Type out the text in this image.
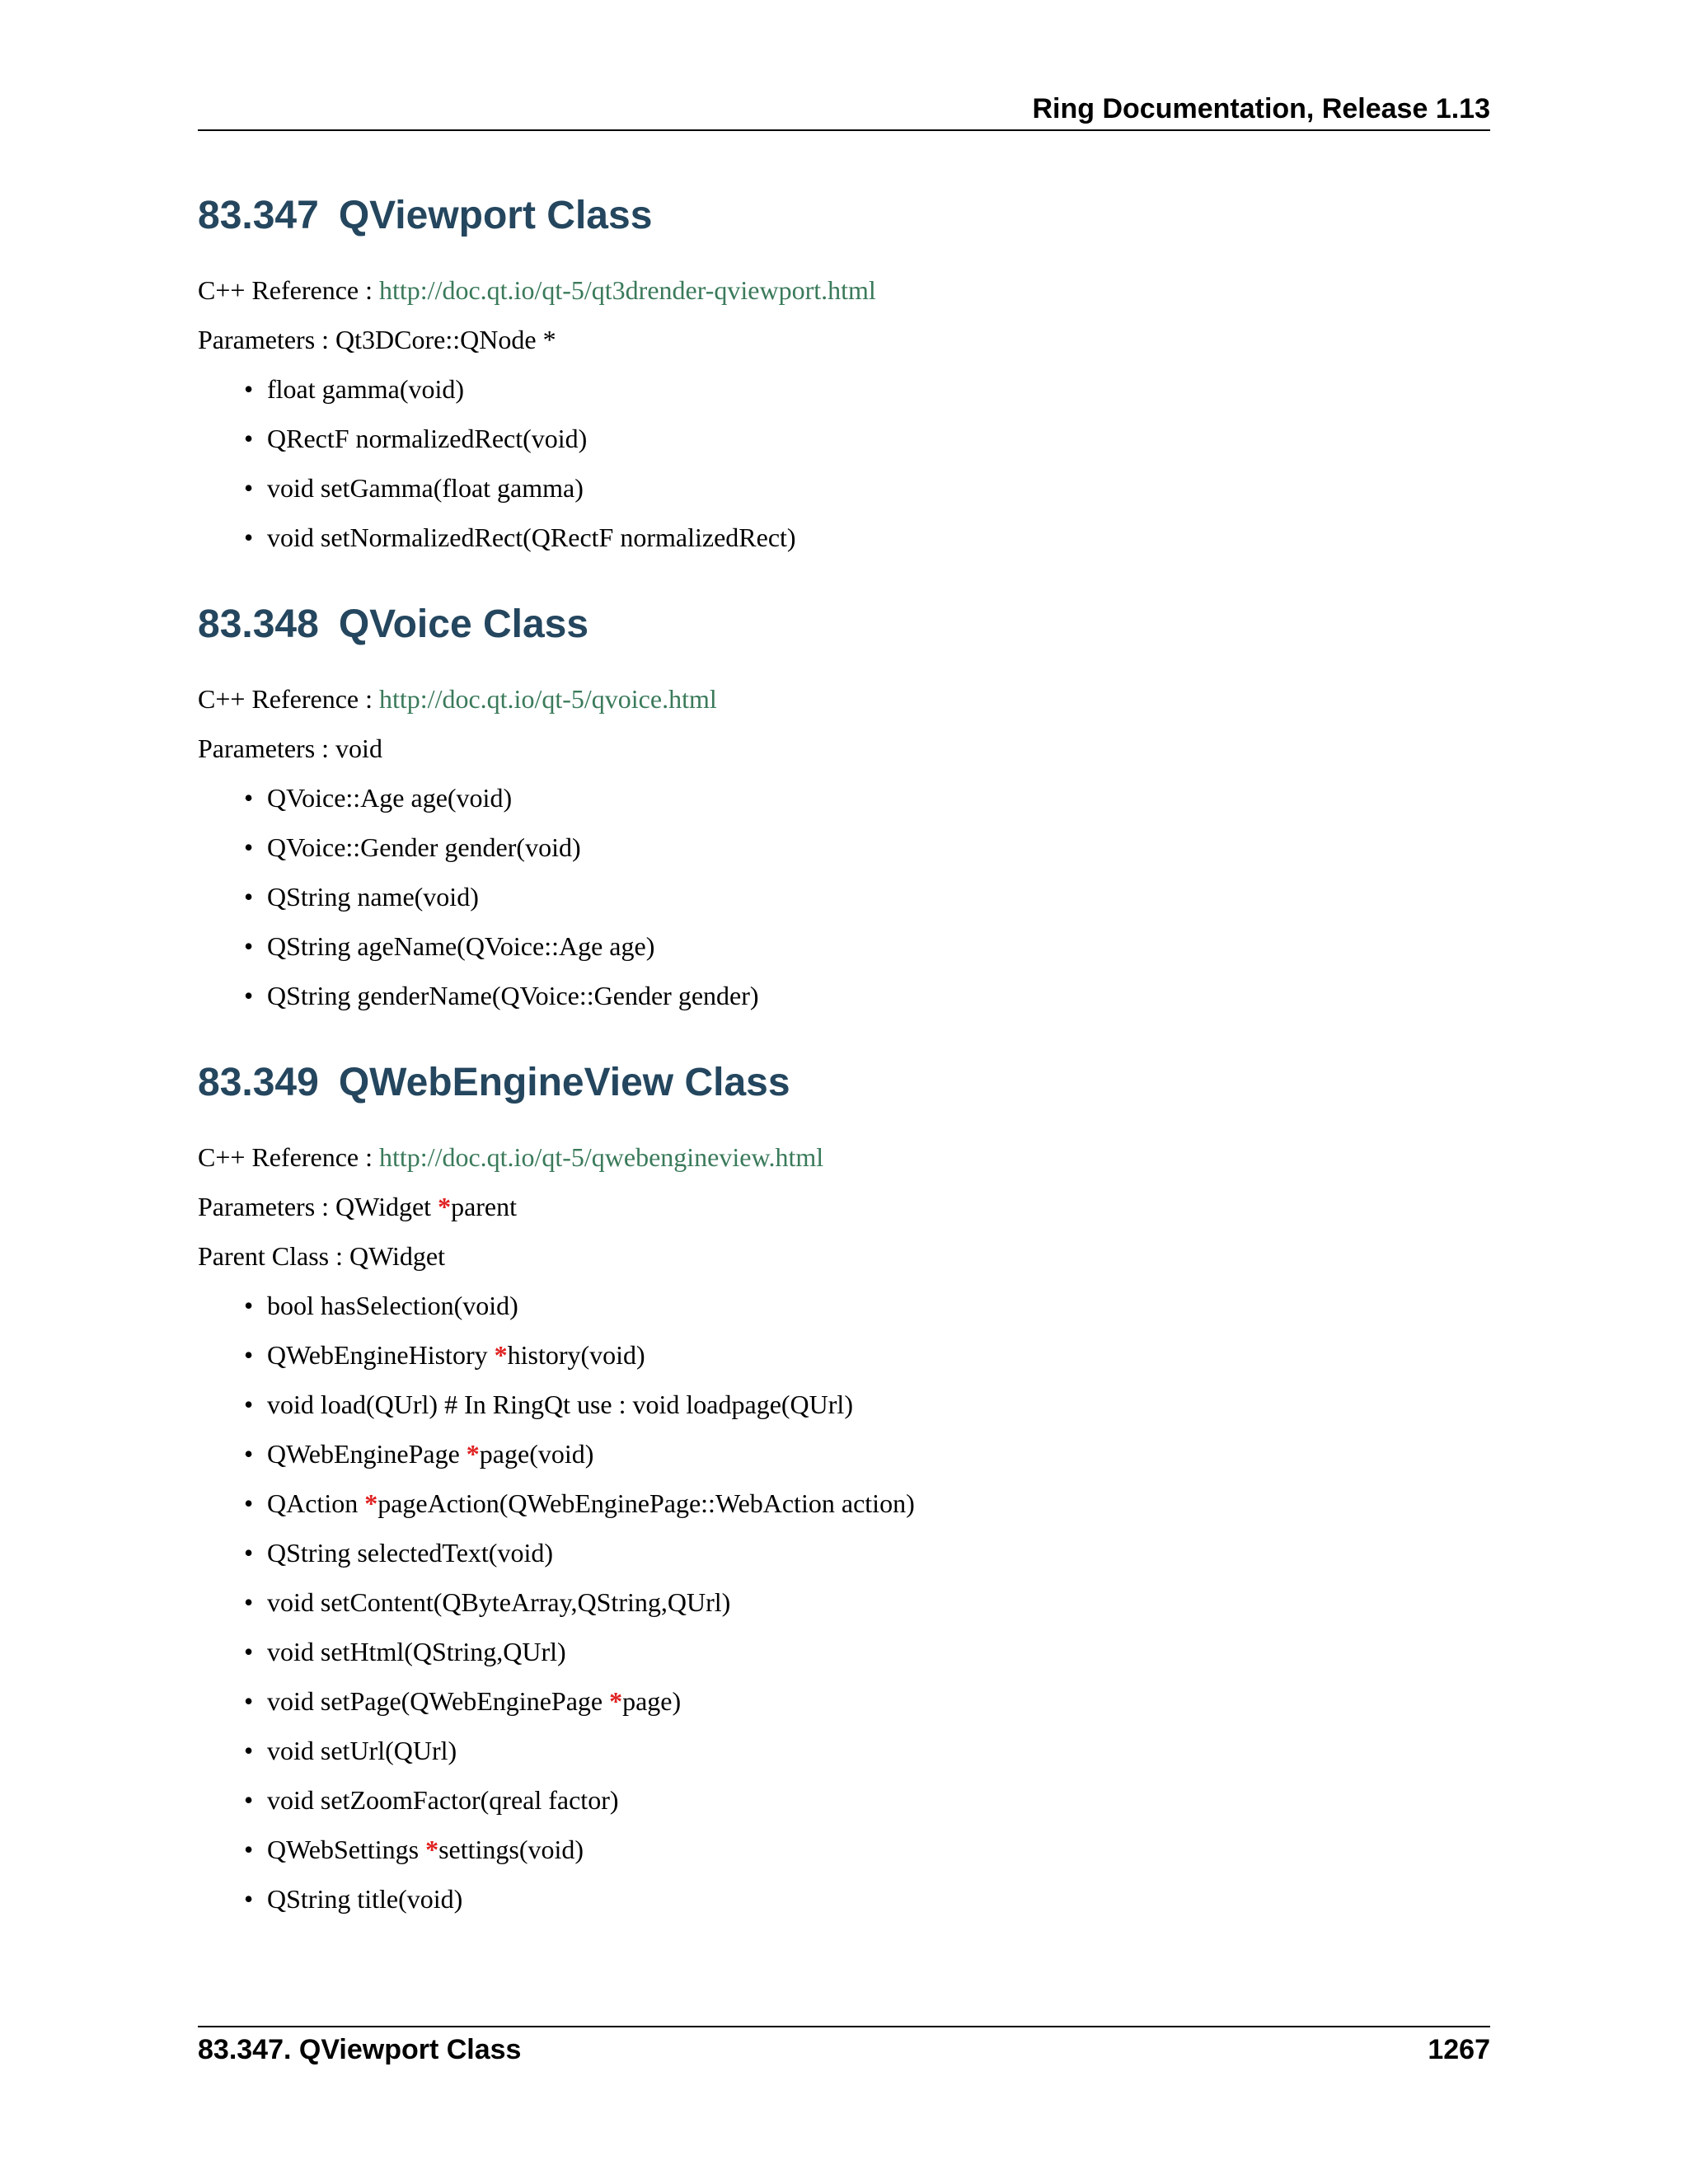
Ring Documentation, Release 1.13
83.347 QViewport Class

C++ Reference : http://doc.qt.io/qt-5/qt3drender-qviewport.html

Parameters : Qt3DCore::QNode *

• float gamma(void)
• QRectF normalizedRect(void)
• void setGamma(float gamma)
• void setNormalizedRect(QRectF normalizedRect)
83.348 QVoice Class

C++ Reference : http://doc.qt.io/qt-5/qvoice.html

Parameters : void

• QVoice::Age age(void)
• QVoice::Gender gender(void)
• QString name(void)
• QString ageName(QVoice::Age age)
• QString genderName(QVoice::Gender gender)
83.349 QWebEngineView Class

C++ Reference : http://doc.qt.io/qt-5/qwebengineview.html

Parameters : QWidget *parent

Parent Class : QWidget

• bool hasSelection(void)
• QWebEngineHistory *history(void)
• void load(QUrl) # In RingQt use : void loadpage(QUrl)
• QWebEnginePage *page(void)
• QAction *pageAction(QWebEnginePage::WebAction action)
• QString selectedText(void)
• void setContent(QByteArray,QString,QUrl)
• void setHtml(QString,QUrl)
• void setPage(QWebEnginePage *page)
• void setUrl(QUrl)
• void setZoomFactor(qreal factor)
• QWebSettings *settings(void)
• QString title(void)
83.347. QViewport Class	1267
